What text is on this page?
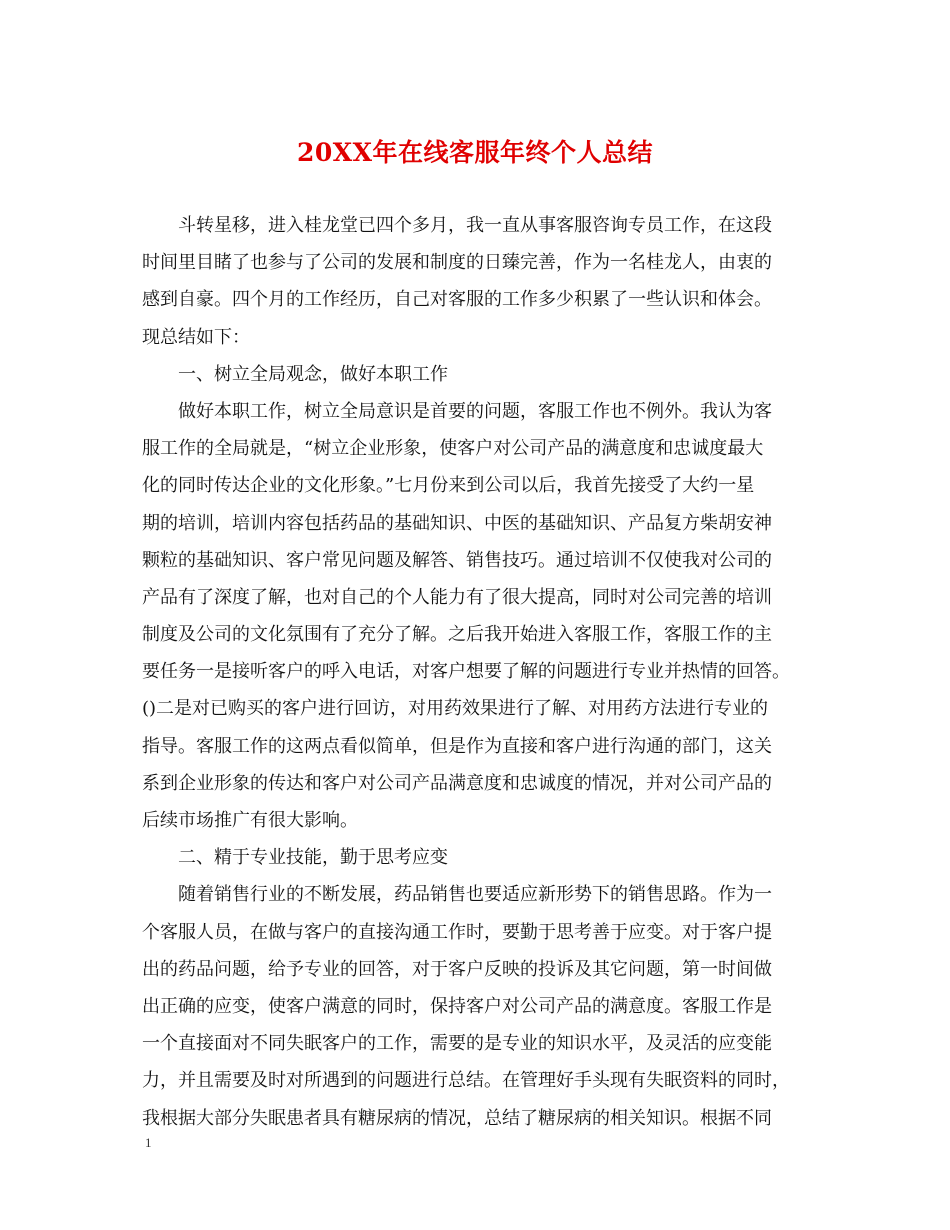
20XX年在线客服年终个人总结
　　斗转星移，进入桂龙堂已四个多月，我一直从事客服咨询专员工作，在这段
时间里目睹了也参与了公司的发展和制度的日臻完善，作为一名桂龙人，由衷的
感到自豪。四个月的工作经历，自己对客服的工作多少积累了一些认识和体会。
现总结如下：
　　一、树立全局观念，做好本职工作
　　做好本职工作，树立全局意识是首要的问题，客服工作也不例外。我认为客
服工作的全局就是，“树立企业形象，使客户对公司产品的满意度和忠诚度最大
化的同时传达企业的文化形象。”七月份来到公司以后，我首先接受了大约一星
期的培训，培训内容包括药品的基础知识、中医的基础知识、产品复方柴胡安神
颗粒的基础知识、客户常见问题及解答、销售技巧。通过培训不仅使我对公司的
产品有了深度了解，也对自己的个人能力有了很大提高，同时对公司完善的培训
制度及公司的文化氛围有了充分了解。之后我开始进入客服工作，客服工作的主
要任务一是接听客户的呼入电话，对客户想要了解的问题进行专业并热情的回答。
()二是对已购买的客户进行回访，对用药效果进行了解、对用药方法进行专业的
指导。客服工作的这两点看似简单，但是作为直接和客户进行沟通的部门，这关
系到企业形象的传达和客户对公司产品满意度和忠诚度的情况，并对公司产品的
后续市场推广有很大影响。
　　二、精于专业技能，勤于思考应变
　　随着销售行业的不断发展，药品销售也要适应新形势下的销售思路。作为一
个客服人员，在做与客户的直接沟通工作时，要勤于思考善于应变。对于客户提
出的药品问题，给予专业的回答，对于客户反映的投诉及其它问题，第一时间做
出正确的应变，使客户满意的同时，保持客户对公司产品的满意度。客服工作是
一个直接面对不同失眠客户的工作，需要的是专业的知识水平，及灵活的应变能
力，并且需要及时对所遇到的问题进行总结。在管理好手头现有失眠资料的同时，
我根据大部分失眠患者具有糖尿病的情况，总结了糖尿病的相关知识。根据不同
1
